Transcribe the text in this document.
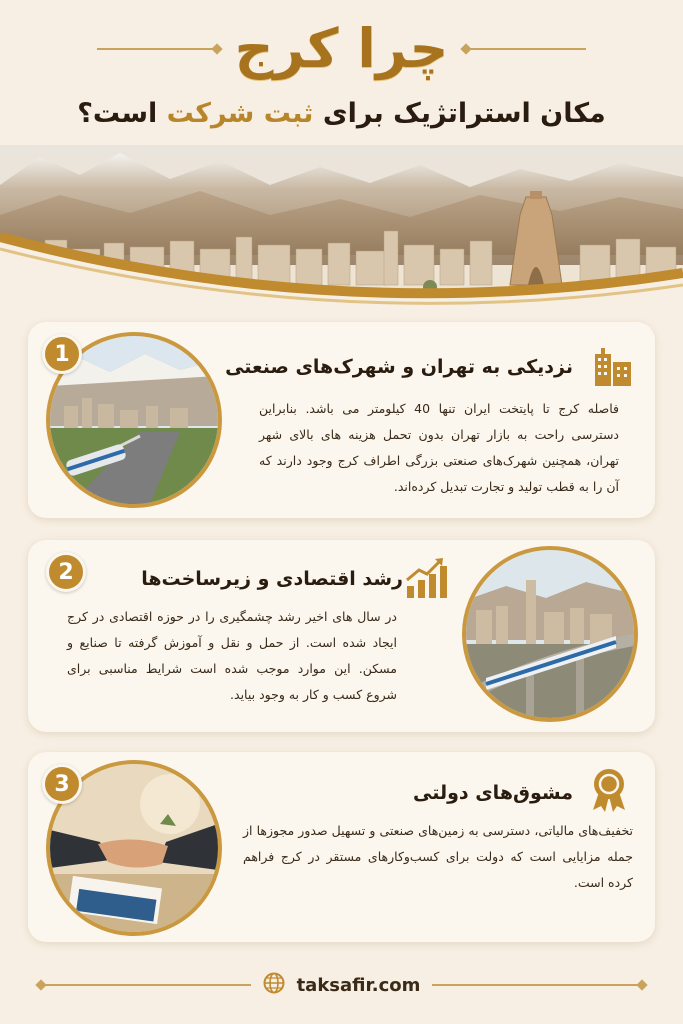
چرا کرج
مکان استراتژیک برای ثبت شرکت است؟
1
نزدیکی به تهران و شهرک‌های صنعتی
فاصله کرج تا پایتخت ایران تنها 40 کیلومتر می باشد. بنابراین دسترسی راحت به بازار تهران بدون تحمل هزینه های بالای شهر تهران، همچنین شهرک‌های صنعتی بزرگی اطراف کرج وجود دارند که آن را به قطب تولید و تجارت تبدیل کرده‌اند.
2	رشد اقتصادی و زیرساخت‌ها
در سال های اخیر رشد چشمگیری را در حوزه اقتصادی در کرج ایجاد شده است. از حمل و نقل و آموزش گرفته تا صنایع و مسکن. این موارد موجب شده است شرایط مناسبی برای شروع کسب و کار به وجود بیاید.
3	مشوق‌های دولتی
تخفیف‌های مالیاتی، دسترسی به زمین‌های صنعتی و تسهیل صدور مجوزها از جمله مزایایی است که دولت برای کسب‌وکارهای مستقر در کرج فراهم کرده است.
taksafir.com
